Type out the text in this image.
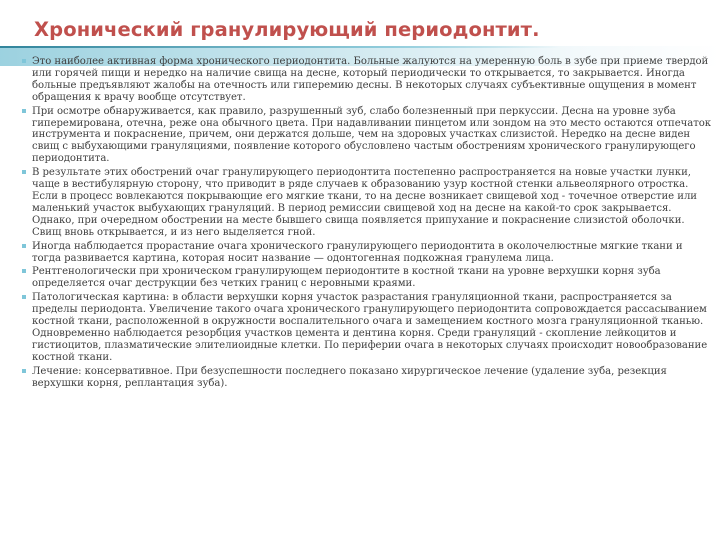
Хронический гранулирующий периодонтит.

Это наиболее активная форма хронического периодонтита. Больные жалуются на умеренную боль в зубе при приеме твердой или горячей пищи и нередко на наличие свища на десне, который периодически то открывается, то закрывается. Иногда больные предъявляют жалобы на отечность или гиперемию десны. В некоторых случаях субъективные ощущения в момент обращения к врачу вообще отсутствует.

При осмотре обнаруживается, как правило, разрушенный зуб, слабо болезненный при перкуссии. Десна на уровне зуба гиперемирована, отечна, реже она обычного цвета. При надавливании пинцетом или зондом на это место остаются отпечаток инструмента и покраснение, причем, они держатся дольше, чем на здоровых участках слизистой. Нередко на десне виден свищ с выбухающими грануляциями, появление которого обусловлено частым обострениям хронического гранулирующего периодонтита.

В результате этих обострений очаг гранулирующего периодонтита постепенно распространяется на новые участки лунки, чаще в вестибулярную сторону, что приводит в ряде случаев к образованию узур костной стенки альвеолярного отростка. Если в процесс вовлекаются покрывающие его мягкие ткани, то на десне возникает свищевой ход - точечное отверстие или маленький участок выбухающих грануляций. В период ремиссии свищевой ход на десне на какой-то срок закрывается. Однако, при очередном обострении на месте бывшего свища появляется припухание и покраснение слизистой оболочки. Свищ вновь открывается, и из него выделяется гной.

Иногда наблюдается прорастание очага хронического гранулирующего периодонтита в околочелюстные мягкие ткани и тогда развивается картина, которая носит название — одонтогенная подкожная гранулема лица.

Рентгенологически при хроническом гранулирующем периодонтите в костной ткани на уровне верхушки корня зуба определяется очаг деструкции без четких границ с неровными краями.

Патологическая картина: в области верхушки корня участок разрастания грануляционной ткани, распространяется за пределы периодонта. Увеличение такого очага хронического гранулирующего периодонтита сопровождается рассасыванием костной ткани, расположенной в окружности воспалительного очага и замещением костного мозга грануляционной тканью. Одновременно наблюдается резорбция участков цемента и дентина корня. Среди грануляций - скопление лейкоцитов и гистиоцитов, плазматические элителиоидные клетки. По периферии очага в некоторых случаях происходит новообразование костной ткани.

Лечение: консервативное. При безуспешности последнего показано хирургическое лечение (удаление зуба, резекция верхушки корня, реплантация зуба).
